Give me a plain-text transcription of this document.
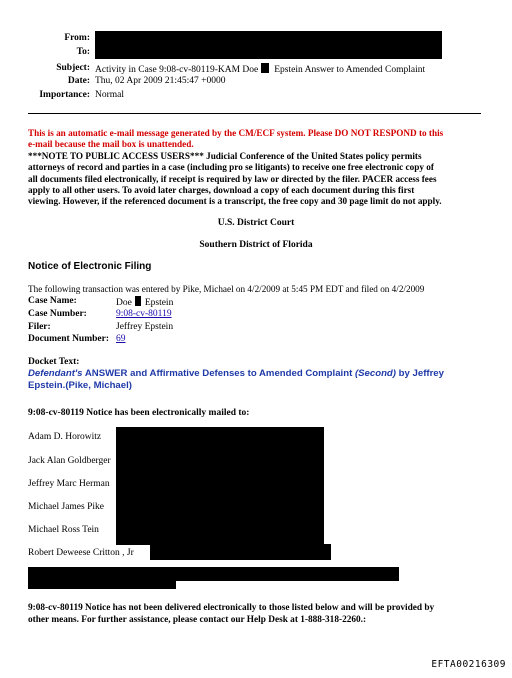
From:
To:
Subject: Activity in Case 9:08-cv-80119-KAM Doe Epstein Answer to Amended Complaint
Date: Thu, 02 Apr 2009 21:45:47 +0000
Importance: Normal
This is an automatic e-mail message generated by the CM/ECF system. Please DO NOT RESPOND to this
e-mail because the mail box is unattended.
***NOTE TO PUBLIC ACCESS USERS*** Judicial Conference of the United States policy permits
attorneys of record and parties in a case (including pro se litigants) to receive one free electronic copy of
all documents filed electronically, if receipt is required by law or directed by the filer. PACER access fees
apply to all other users. To avoid later charges, download a copy of each document during this first
viewing. However, if the referenced document is a transcript, the free copy and 30 page limit do not apply.
U.S. District Court
Southern District of Florida
Notice of Electronic Filing
The following transaction was entered by Pike, Michael on 4/2/2009 at 5:45 PM EDT and filed on 4/2/2009
Case Name:	Doe Epstein
Case Number:	9:08-cv-80119
Filer:	Jeffrey Epstein
Document Number: 69
Docket Text:
Defendant's ANSWER and Affirmative Defenses to Amended Complaint (Second) by Jeffrey
Epstein.(Pike, Michael)
9:08-cv-80119 Notice has been electronically mailed to:
Adam D. Horowitz
Jack Alan Goldberger
Jeffrey Marc Herman
Michael James Pike
Michael Ross Tein
Robert Deweese Critton , Jr
9:08-cv-80119 Notice has not been delivered electronically to those listed below and will be provided by
other means. For further assistance, please contact our Help Desk at 1-888-318-2260.:
EFTA00216309
